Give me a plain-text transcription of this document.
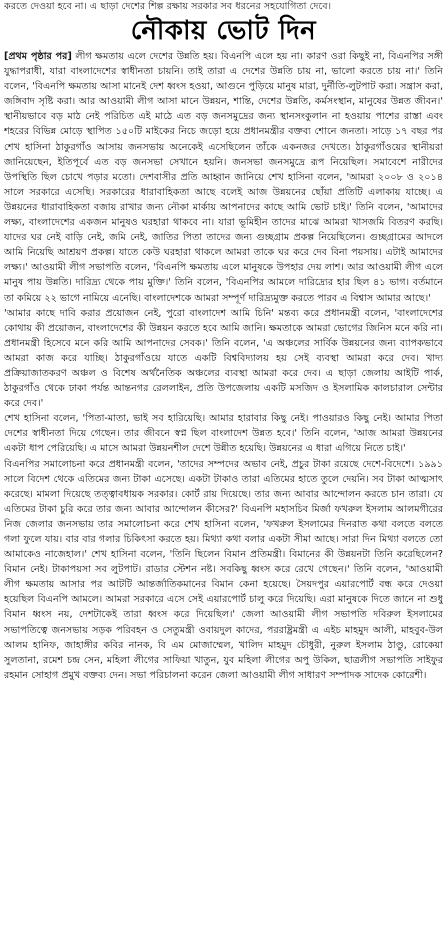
করতে দেওয়া হবে না। এ ছাড়া দেশের শিল্প রক্ষায় সরকার সব ধরনের সহযোগিতা দেবে।
নৌকায় ভোট দিন

[প্রথম পৃষ্ঠার পর] লীগ ক্ষমতায় এলে দেশের উন্নতি হয়। বিএনপি এলে হয় না। কারণ ওরা কিছুই না, বিএনপির সঙ্গী যুদ্ধাপরাধী, যারা বাংলাদেশের স্বাধীনতা চায়নি। তাই তারা এ দেশের উন্নতি চায় না, ভালো করতে চায় না।' তিনি বলেন, 'বিএনপি ক্ষমতায় আসা মানেই দেশ ধ্বংস হওয়া, আগুনে পুড়িয়ে মানুষ মারা, দুর্নীতি-লুটপাট করা। সন্ত্রাস করা, জঙ্গিবাদ সৃষ্টি করা। আর আওয়ামী লীগ আসা মানে উন্নয়ন, শান্তি, দেশের উন্নতি, কর্মসংস্থান, মানুষের উন্নত জীবন।' স্থানীয়ভাবে বড় মাঠ নেই পরিচিত এই মাঠে এত বড় জনসমুদ্রের জন্য স্থানসংকুলান না হওয়ায় পাশের রাস্তা এবং শহরের বিভিন্ন মোড়ে স্থাপিত ১৫০টি মাইকের নিচে জড়ো হয়ে প্রধানমন্ত্রীর বক্তব্য শোনে জনতা। সাড়ে ১৭ বছর পর শেখ হাসিনা ঠাকুরগাঁও আসায় জনসভায় অনেকেই এসেছিলেন তাঁকে একনজর দেখতে। ঠাকুরগাঁওয়ের স্থানীয়রা জানিয়েছেন, ইতিপূর্বে এত বড় জনসভা সেখানে হয়নি। জনসভা জনসমুদ্রে রূপ নিয়েছিল। সমাবেশে নারীদের উপস্থিতি ছিল চোখে পড়ার মতো। দেশবাসীর প্রতি আহ্বান জানিয়ে শেখ হাসিনা বলেন, 'আমরা ২০০৮ ও ২০১৪ সালে সরকারে এসেছি। সরকারের ধারাবাহিকতা আছে বলেই আজ উন্নয়নের ছোঁয়া প্রতিটি এলাকায় যাচ্ছে। এ উন্নয়নের ধারাবাহিকতা বজায় রাখার জন্য নৌকা মার্কায় আপনাদের কাছে আমি ভোট চাই।' তিনি বলেন, 'আমাদের লক্ষ্য, বাংলাদেশের একজন মানুষও ঘরহারা থাকবে না। যারা ভূমিহীন তাদের মাঝে আমরা খাসজমি বিতরণ করছি। যাদের ঘর নেই বাড়ি নেই, জমি নেই, জাতির পিতা তাদের জন্য গুচ্ছগ্রাম প্রকল্প নিয়েছিলেন। গুচ্ছগ্রামের আদলে আমি নিয়েছি আশ্রয়ণ প্রকল্প। যাতে কেউ ঘরহারা থাকলে আমরা তাকে ঘর করে দেব বিনা পয়সায়। এটাই আমাদের লক্ষ্য।' আওয়ামী লীগ সভাপতি বলেন, 'বিএনপি ক্ষমতায় এলে মানুষকে উপহার দেয় লাশ। আর আওয়ামী লীগ এলে মানুষ পায় উন্নতি। দারিদ্র্য থেকে পায় মুক্তি।' তিনি বলেন, 'বিএনপির আমলে দারিদ্র্যের হার ছিল ৪১ ভাগ। বর্তমানে তা কমিয়ে ২২ ভাগে নামিয়ে এনেছি। বাংলাদেশকে আমরা সম্পূর্ণ দারিদ্র্যমুক্ত করতে পারব এ বিশ্বাস আমার আছে।'

'আমার কাছে দাবি করার প্রয়োজন নেই, পুরো বাংলাদেশ আমি চিনি' মন্তব্য করে প্রধানমন্ত্রী বলেন, 'বাংলাদেশের কোথায় কী প্রয়োজন, বাংলাদেশের কী উন্নয়ন করতে হবে আমি জানি। ক্ষমতাকে আমরা ভোগের জিনিস মনে করি না। প্রধানমন্ত্রী হিসেবে মনে করি আমি আপনাদের সেবক।' তিনি বলেন, 'এ অঞ্চলের সার্বিক উন্নয়নের জন্য ব্যাপকভাবে আমরা কাজ করে যাচ্ছি। ঠাকুরগাঁওয়ে যাতে একটি বিশ্ববিদ্যালয় হয় সেই ব্যবস্থা আমরা করে দেব। খাদ্য প্রক্রিয়াজাতকরণ অঞ্চল ও বিশেষ অর্থনৈতিক অঞ্চলের ব্যবস্থা আমরা করে দেব। এ ছাড়া জেলায় আইটি পার্ক, ঠাকুরগাঁও থেকে ঢাকা পর্যন্ত আন্তনগর রেললাইন, প্রতি উপজেলায় একটি মসজিদ ও ইসলামিক কালচারাল সেন্টার করে দেব।'

শেখ হাসিনা বলেন, 'পিতা-মাতা, ভাই সব হারিয়েছি। আমার হারাবার কিছু নেই। পাওয়ারও কিছু নেই। আমার পিতা দেশের স্বাধীনতা দিয়ে গেছেন। তার জীবনে স্বপ্ন ছিল বাংলাদেশ উন্নত হবে।' তিনি বলেন, 'আজ আমরা উন্নয়নের একটা ধাপ পেরিয়েছি। এ মাসে আমরা উন্নয়নশীল দেশে উন্নীত হয়েছি। উন্নয়নের এ ধারা এগিয়ে নিতে চাই।'

বিএনপির সমালোচনা করে প্রধানমন্ত্রী বলেন, 'তাদের সম্পদের অভাব নেই, প্রচুর টাকা রয়েছে দেশে-বিদেশে। ১৯৯১ সালে বিদেশ থেকে এতিমের জন্য টাকা এসেছে। একটা টাকাও তারা এতিমের হাতে তুলে দেয়নি। সব টাকা আত্মসাৎ করেছে। মামলা দিয়েছে তত্ত্বাবধায়ক সরকার। কোর্ট রায় দিয়েছে। তার জন্য আবার আন্দোলন করতে চান তারা। যে এতিমের টাকা চুরি করে তার জন্য আবার আন্দোলন কীসের?' বিএনপি মহাসচিব মির্জা ফখরুল ইসলাম আলমগীরের নিজ জেলার জনসভায় তার সমালোচনা করে শেখ হাসিনা বলেন, 'ফখরুল ইসলামের দিনরাত কথা বলতে বলতে গলা ফুলে যায়। বার বার গলার চিকিৎসা করতে হয়। মিথ্যা কথা বলার একটা সীমা আছে। সারা দিন মিথ্যা বলতে তো আমাকেও নাজেহাল।' শেখ হাসিনা বলেন, 'তিনি ছিলেন বিমান প্রতিমন্ত্রী। বিমানের কী উন্নয়নটা তিনি করেছিলেন? বিমান নেই। টাকাপয়সা সব লুটপাট। রাডার স্টেশন নষ্ট। সবকিছু ধ্বংস করে রেখে গেছেন।' তিনি বলেন, 'আওয়ামী লীগ ক্ষমতায় আসার পর আটটি আন্তর্জাতিকমানের বিমান কেনা হয়েছে। সৈয়দপুর এয়ারপোর্ট বন্ধ করে দেওয়া হয়েছিল বিএনপি আমলে। আমরা সরকারে এসে সেই এয়ারপোর্ট চালু করে দিয়েছি। এরা মানুষকে দিতে জানে না শুধু বিমান ধ্বংস নয়, দেশটাকেই তারা ধ্বংস করে দিয়েছিল।' জেলা আওয়ামী লীগ সভাপতি দবিরুল ইসলামের সভাপতিত্বে জনসভায় সড়ক পরিবহন ও সেতুমন্ত্রী ওবায়দুল কাদের, পররাষ্ট্রমন্ত্রী এ এইচ মাহমুদ আলী, মাহবুব-উল আলম হানিফ, জাহাঙ্গীর কবির নানক, বি এম মোজাম্মেল, খালিদ মাহমুদ চৌধুরী, নুরুল ইসলাম ঠাণ্ডু, রোকেয়া সুলতানা, রমেশ চন্দ্র সেন, মহিলা লীগের সাফিয়া খাতুন, যুব মহিলা লীগের অপু উকিল, ছাত্রলীগ সভাপতি সাইফুর রহমান সোহাগ প্রমুখ বক্তব্য দেন। সভা পরিচালনা করেন জেলা আওয়ামী লীগ সাধারণ সম্পাদক সাদেক কোরেশী।
